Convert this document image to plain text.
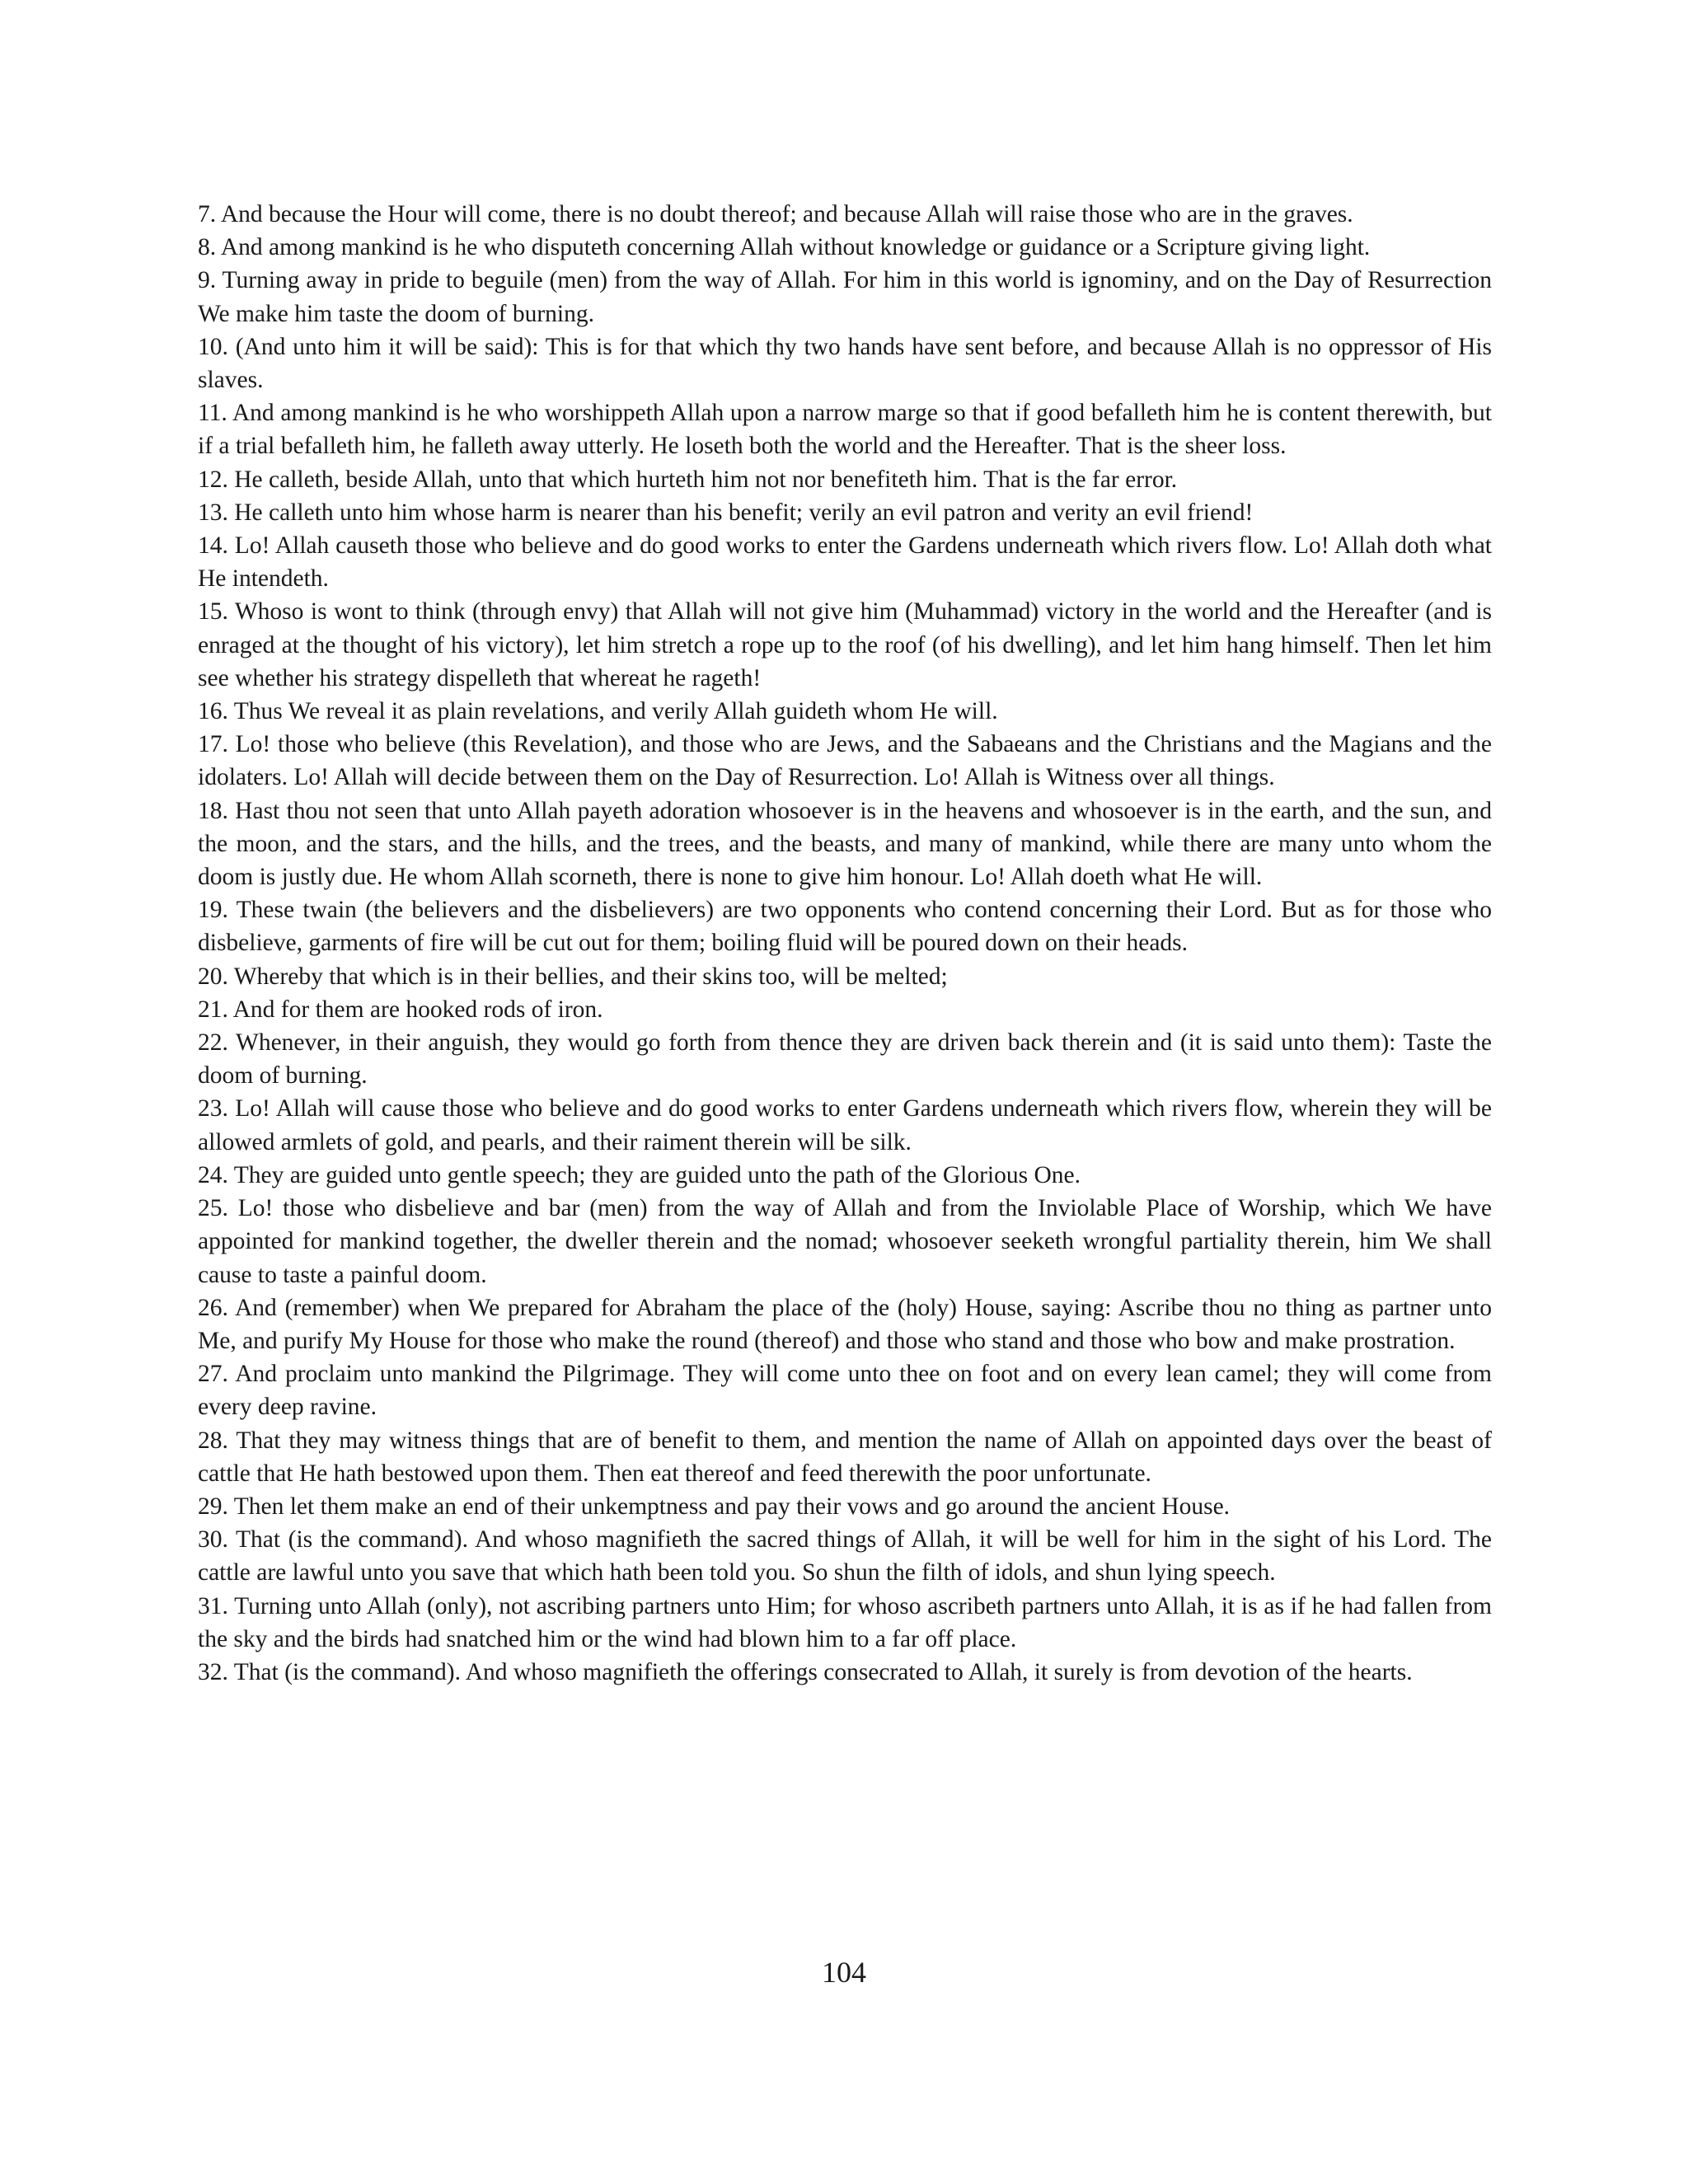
7. And because the Hour will come, there is no doubt thereof; and because Allah will raise those who are in the graves.

8. And among mankind is he who disputeth concerning Allah without knowledge or guidance or a Scripture giving light.

9. Turning away in pride to beguile (men) from the way of Allah. For him in this world is ignominy, and on the Day of Resurrection We make him taste the doom of burning.

10. (And unto him it will be said): This is for that which thy two hands have sent before, and because Allah is no oppressor of His slaves.

11. And among mankind is he who worshippeth Allah upon a narrow marge so that if good befalleth him he is content therewith, but if a trial befalleth him, he falleth away utterly. He loseth both the world and the Hereafter. That is the sheer loss.

12. He calleth, beside Allah, unto that which hurteth him not nor benefiteth him. That is the far error.

13. He calleth unto him whose harm is nearer than his benefit; verily an evil patron and verity an evil friend!

14. Lo! Allah causeth those who believe and do good works to enter the Gardens underneath which rivers flow. Lo! Allah doth what He intendeth.

15. Whoso is wont to think (through envy) that Allah will not give him (Muhammad) victory in the world and the Hereafter (and is enraged at the thought of his victory), let him stretch a rope up to the roof (of his dwelling), and let him hang himself. Then let him see whether his strategy dispelleth that whereat he rageth!

16. Thus We reveal it as plain revelations, and verily Allah guideth whom He will.

17. Lo! those who believe (this Revelation), and those who are Jews, and the Sabaeans and the Christians and the Magians and the idolaters. Lo! Allah will decide between them on the Day of Resurrection. Lo! Allah is Witness over all things.

18. Hast thou not seen that unto Allah payeth adoration whosoever is in the heavens and whosoever is in the earth, and the sun, and the moon, and the stars, and the hills, and the trees, and the beasts, and many of mankind, while there are many unto whom the doom is justly due. He whom Allah scorneth, there is none to give him honour. Lo! Allah doeth what He will.

19. These twain (the believers and the disbelievers) are two opponents who contend concerning their Lord. But as for those who disbelieve, garments of fire will be cut out for them; boiling fluid will be poured down on their heads.

20. Whereby that which is in their bellies, and their skins too, will be melted;

21. And for them are hooked rods of iron.

22. Whenever, in their anguish, they would go forth from thence they are driven back therein and (it is said unto them): Taste the doom of burning.

23. Lo! Allah will cause those who believe and do good works to enter Gardens underneath which rivers flow, wherein they will be allowed armlets of gold, and pearls, and their raiment therein will be silk.

24. They are guided unto gentle speech; they are guided unto the path of the Glorious One.

25. Lo! those who disbelieve and bar (men) from the way of Allah and from the Inviolable Place of Worship, which We have appointed for mankind together, the dweller therein and the nomad; whosoever seeketh wrongful partiality therein, him We shall cause to taste a painful doom.

26. And (remember) when We prepared for Abraham the place of the (holy) House, saying: Ascribe thou no thing as partner unto Me, and purify My House for those who make the round (thereof) and those who stand and those who bow and make prostration.

27. And proclaim unto mankind the Pilgrimage. They will come unto thee on foot and on every lean camel; they will come from every deep ravine.

28. That they may witness things that are of benefit to them, and mention the name of Allah on appointed days over the beast of cattle that He hath bestowed upon them. Then eat thereof and feed therewith the poor unfortunate.

29. Then let them make an end of their unkemptness and pay their vows and go around the ancient House.

30. That (is the command). And whoso magnifieth the sacred things of Allah, it will be well for him in the sight of his Lord. The cattle are lawful unto you save that which hath been told you. So shun the filth of idols, and shun lying speech.

31. Turning unto Allah (only), not ascribing partners unto Him; for whoso ascribeth partners unto Allah, it is as if he had fallen from the sky and the birds had snatched him or the wind had blown him to a far off place.

32. That (is the command). And whoso magnifieth the offerings consecrated to Allah, it surely is from devotion of the hearts.

104
